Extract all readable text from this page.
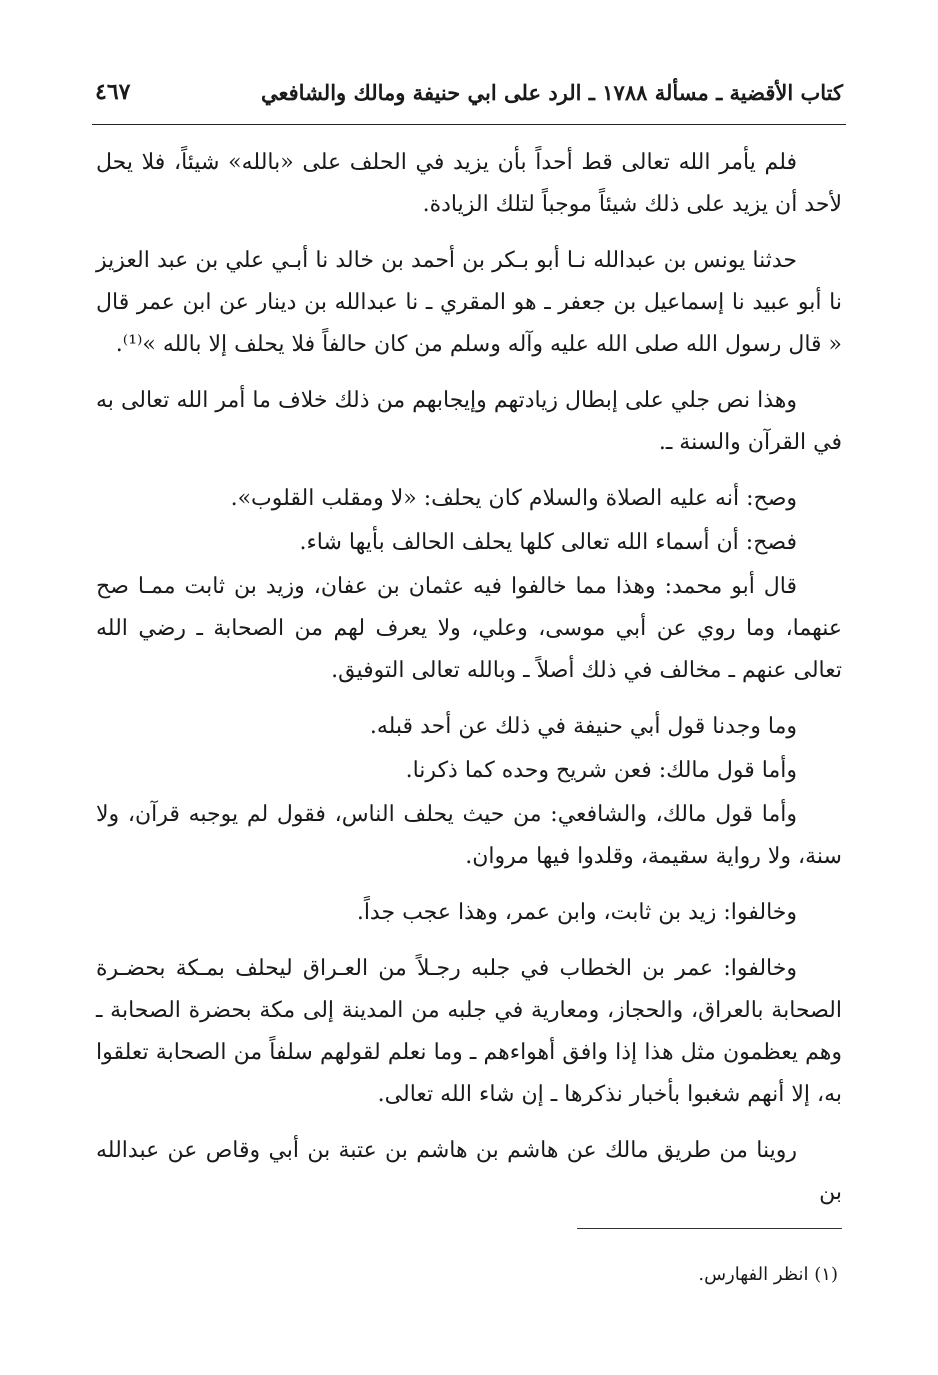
كتاب الأقضية ـ مسألة ١٧٨٨ ـ الرد على ابي حنيفة ومالك والشافعي
٤٦٧

فلم يأمر الله تعالى قط أحداً بأن يزيد في الحلف على «بالله» شيئاً، فلا يحل لأحد أن يزيد على ذلك شيئاً موجباً لتلك الزيادة.

حدثنا يونس بن عبدالله نـا أبو بـكر بن أحمد بن خالد نا أبـي علي بن عبد العزيز نا أبو عبيد نا إسماعيل بن جعفر ـ هو المقري ـ نا عبدالله بن دينار عن ابن عمر قال « قال رسول الله صلى الله عليه وآله وسلم من كان حالفاً فلا يحلف إلا بالله »⁽¹⁾.

وهذا نص جلي على إبطال زيادتهم وإيجابهم من ذلك خلاف ما أمر الله تعالى به في القرآن والسنة ـ.

وصح: أنه عليه الصلاة والسلام كان يحلف: «لا ومقلب القلوب».

فصح: أن أسماء الله تعالى كلها يحلف الحالف بأيها شاء.

قال أبو محمد: وهذا مما خالفوا فيه عثمان بن عفان، وزيد بن ثابت ممـا صح عنهما، وما روي عن أبي موسى، وعلي، ولا يعرف لهم من الصحابة ـ رضي الله تعالى عنهم ـ مخالف في ذلك أصلاً ـ وبالله تعالى التوفيق.

وما وجدنا قول أبي حنيفة في ذلك عن أحد قبله.

وأما قول مالك: فعن شريح وحده كما ذكرنا.

وأما قول مالك، والشافعي: من حيث يحلف الناس، فقول لم يوجبه قرآن، ولا سنة، ولا رواية سقيمة، وقلدوا فيها مروان.

وخالفوا: زيد بن ثابت، وابن عمر، وهذا عجب جداً.

وخالفوا: عمر بن الخطاب في جلبه رجـلاً من العـراق ليحلف بمـكة بحضـرة الصحابة بالعراق، والحجاز، ومعارية في جلبه من المدينة إلى مكة بحضرة الصحابة ـ وهم يعظمون مثل هذا إذا وافق أهواءهم ـ وما نعلم لقولهم سلفاً من الصحابة تعلقوا به، إلا أنهم شغبوا بأخبار نذكرها ـ إن شاء الله تعالى.

روينا من طريق مالك عن هاشم بن هاشم بن عتبة بن أبي وقاص عن عبدالله بن

(١) انظر الفهارس.
